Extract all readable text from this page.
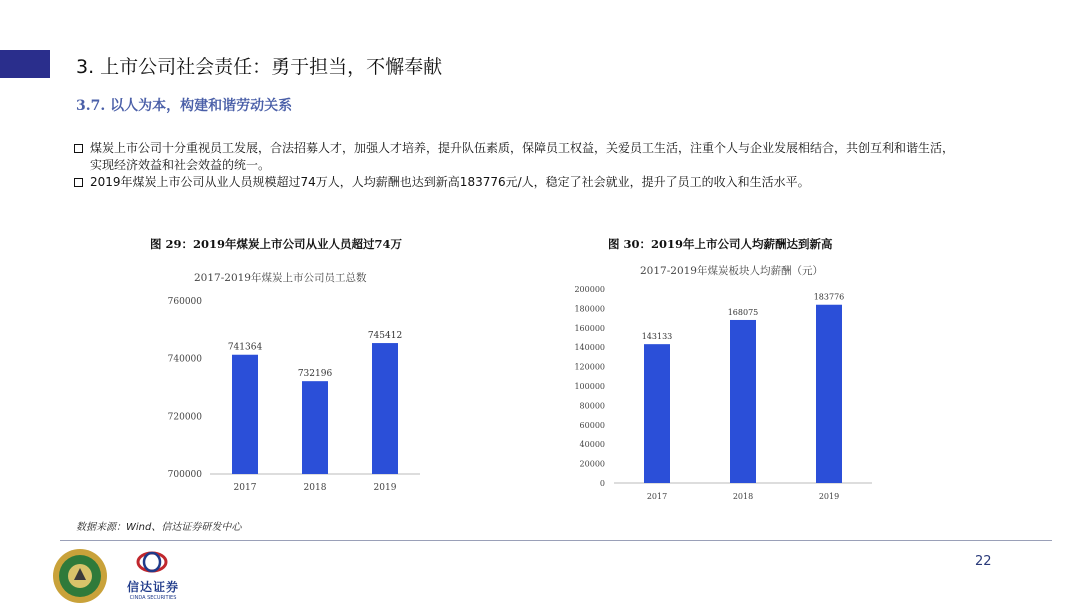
3. 上市公司社会责任：勇于担当，不懈奉献
3.7. 以人为本，构建和谐劳动关系
煤炭上市公司十分重视员工发展，合法招募人才，加强人才培养，提升队伍素质，保障员工权益，关爱员工生活，注重个人与企业发展相结合，共创互利和谐生活，实现经济效益和社会效益的统一。
2019年煤炭上市公司从业人员规模超过74万人，人均薪酬也达到新高183776元/人，稳定了社会就业，提升了员工的收入和生活水平。
图 29：2019年煤炭上市公司从业人员超过74万
2017-2019年煤炭上市公司员工总数
700000
720000
740000
760000
741364
2017
732196
2018
745412
2019
图 30：2019年上市公司人均薪酬达到新高
2017-2019年煤炭板块人均薪酬（元）
0
20000
40000
60000
80000
100000
120000
140000
160000
180000
200000
143133
2017
168075
2018
183776
2019
数据来源：Wind、信达证券研发中心
信达证券
CINDA SECURITIES
22
